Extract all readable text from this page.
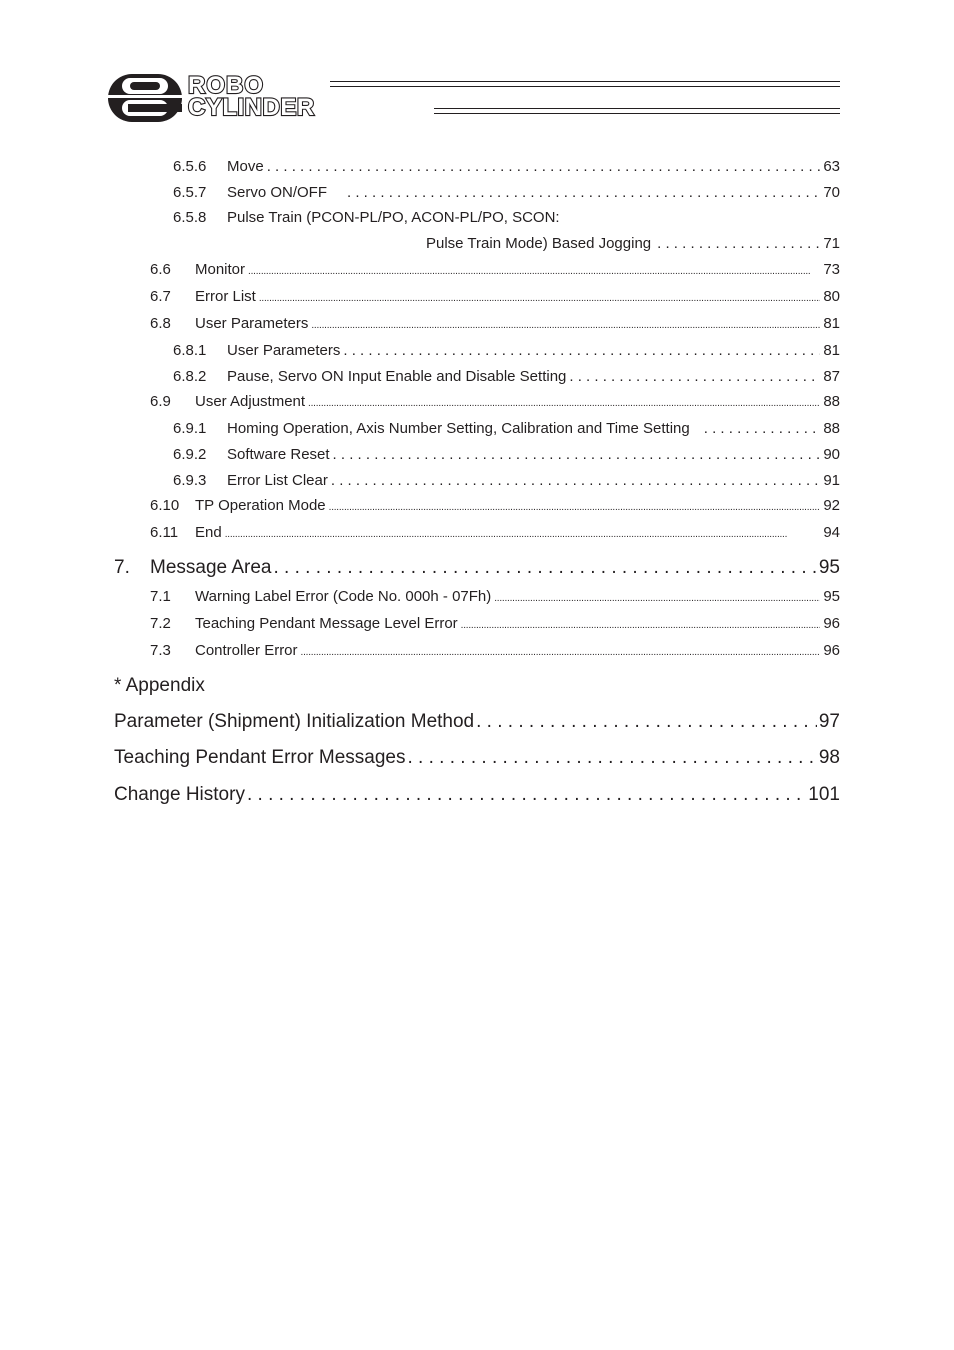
ROBO
CYLINDER
6.5.6	Move . . .	63
6.5.7	Servo ON/OFF . . .	70
6.5.8	Pulse Train (PCON-PL/PO, ACON-PL/PO, SCON:
Pulse Train Mode) Based Jogging . . .	71
6.6	Monitor . . .	73
6.7	Error List . . .	80
6.8	User Parameters . . .	81
6.8.1	User Parameters . . .	81
6.8.2	Pause, Servo ON Input Enable and Disable Setting . . .	87
6.9	User Adjustment . . .	88
6.9.1	Homing Operation, Axis Number Setting, Calibration and Time Setting . . .	88
6.9.2	Software Reset . . .	90
6.9.3	Error List Clear . . .	91
6.10	TP Operation Mode . . .	92
6.11	End . . .	94
7.	Message Area . . .	95
7.1	Warning Label Error (Code No. 000h - 07Fh) . . .	95
7.2	Teaching Pendant Message Level Error . . .	96
7.3	Controller Error . . .	96
* Appendix
Parameter (Shipment) Initialization Method . . .	97
Teaching Pendant Error Messages . . .	98
Change History . . .	101
